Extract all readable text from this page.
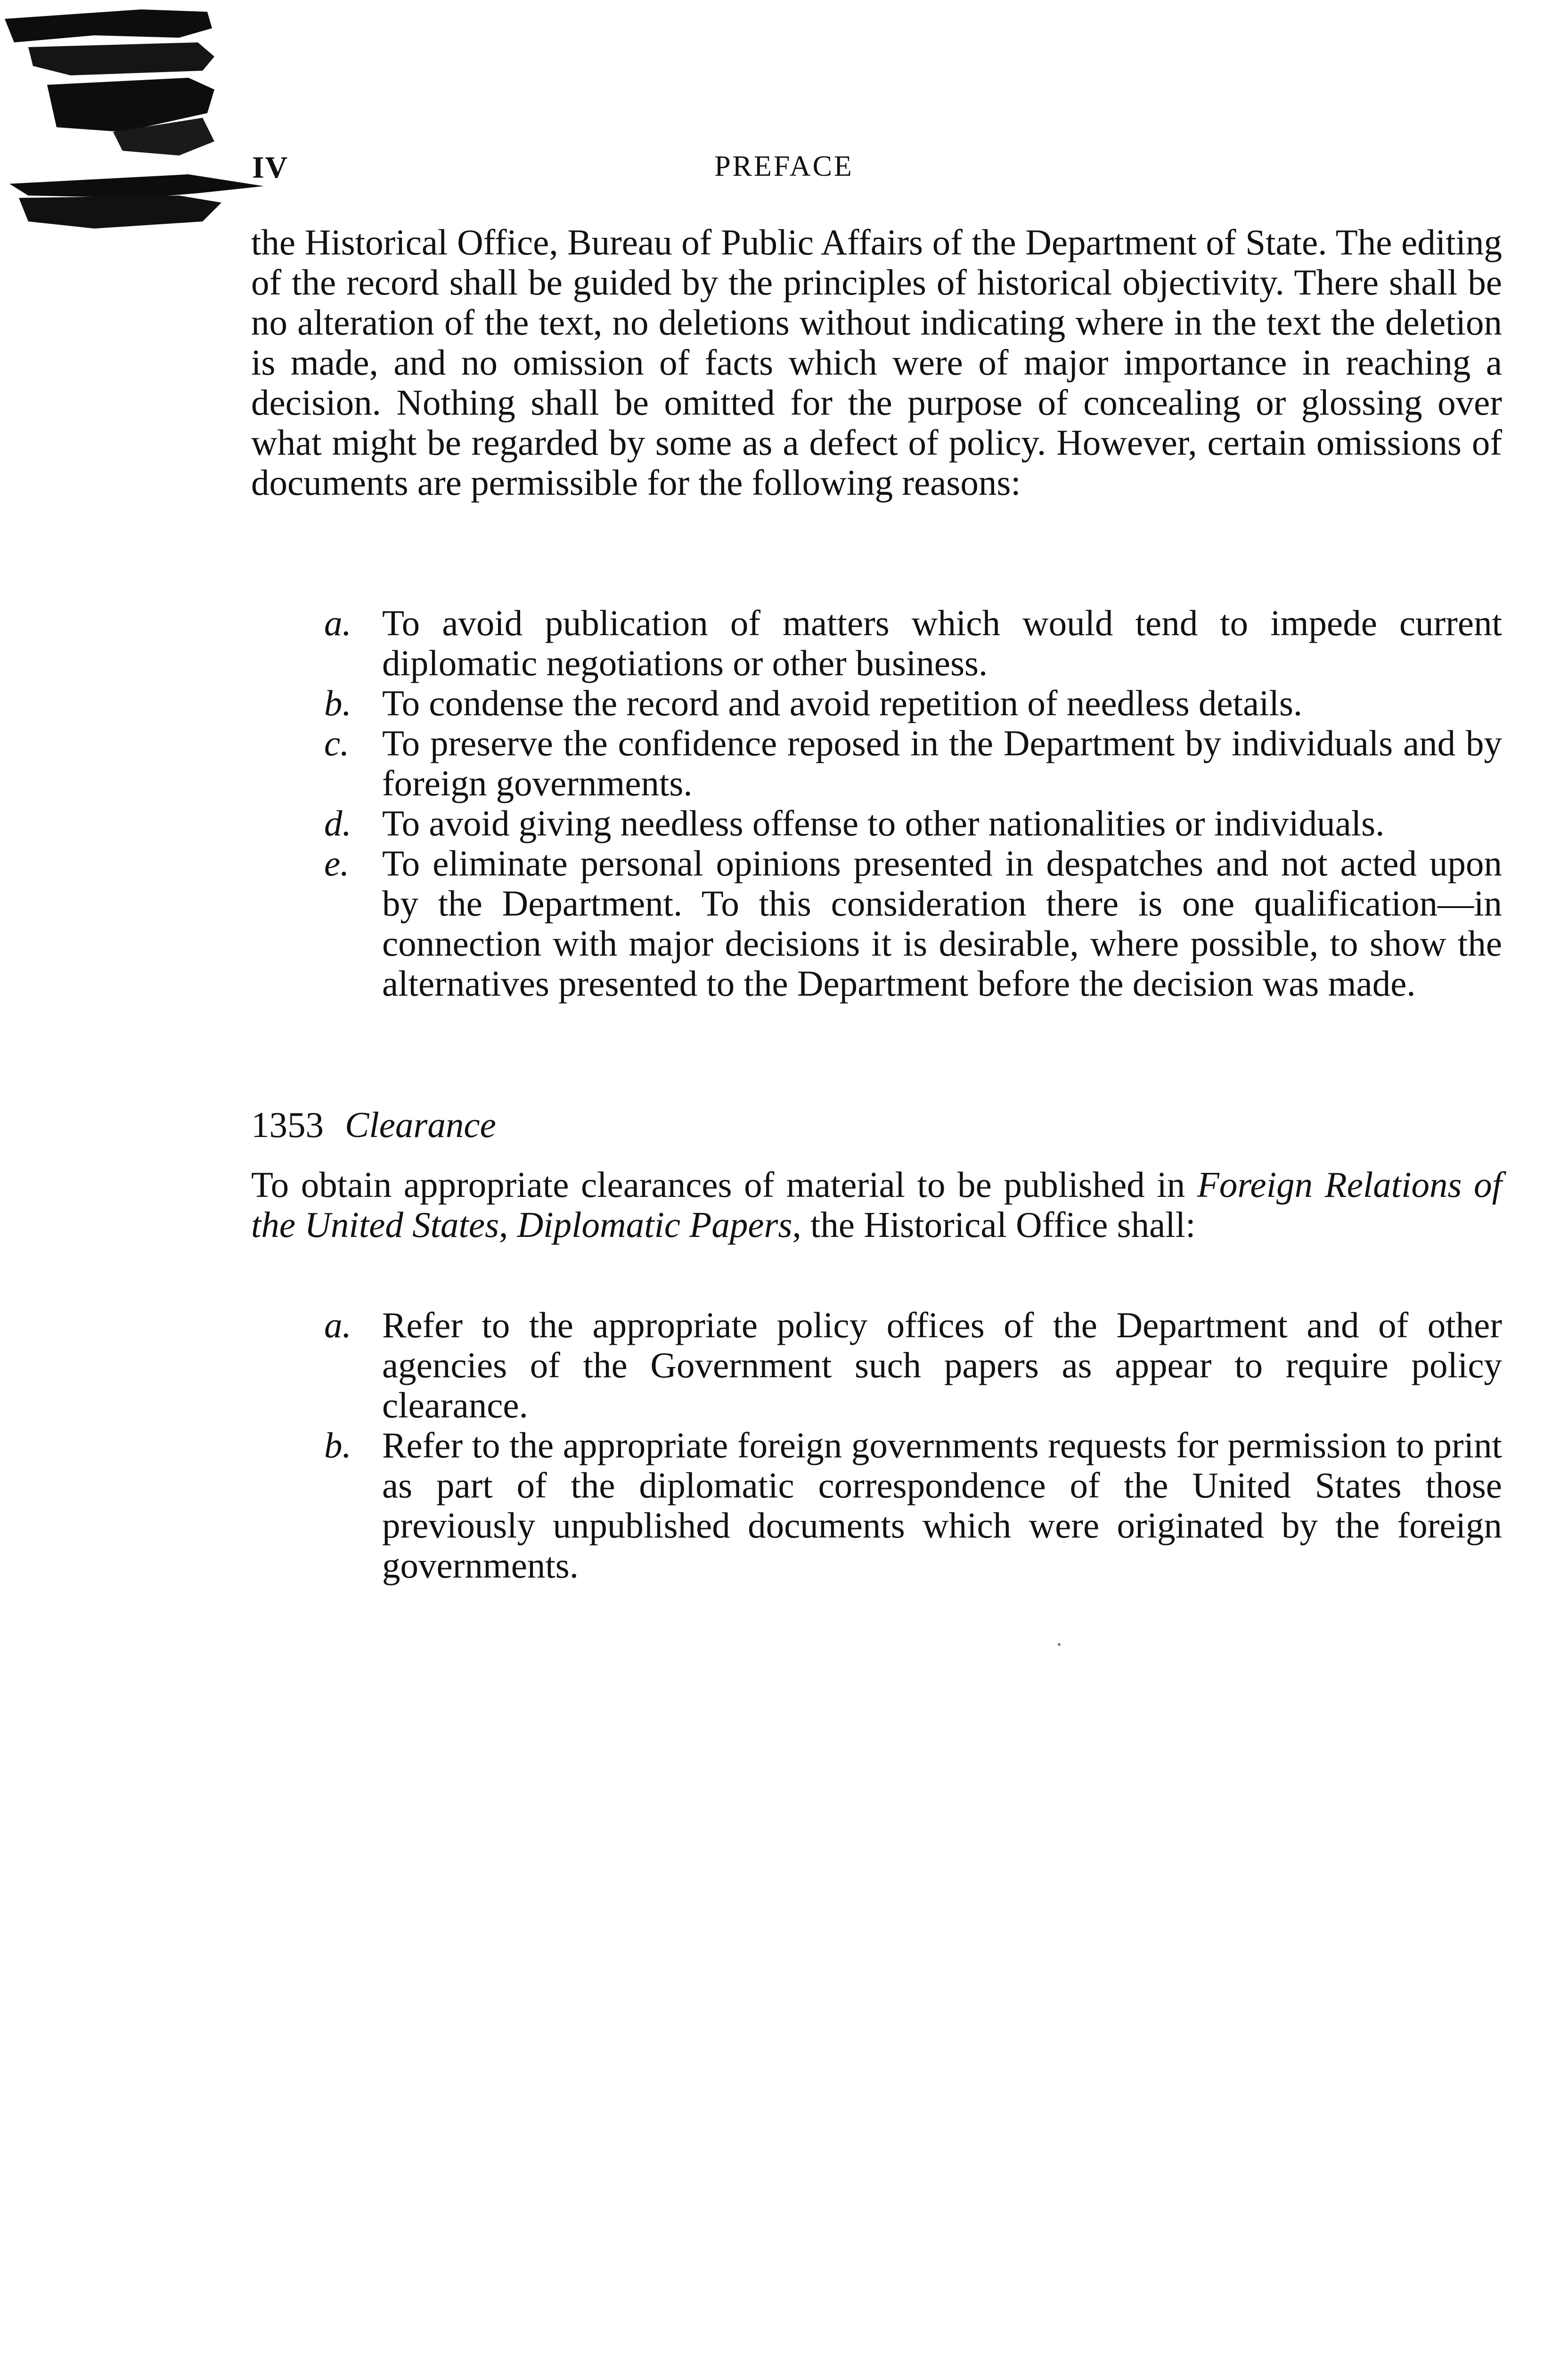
IV	PREFACE
the Historical Office, Bureau of Public Affairs of the Department of State. The editing of the record shall be guided by the principles of historical objectivity. There shall be no alteration of the text, no deletions without indicating where in the text the deletion is made, and no omission of facts which were of major importance in reaching a decision. Nothing shall be omitted for the purpose of concealing or glossing over what might be regarded by some as a defect of policy. However, certain omissions of documents are permissible for the following reasons:
a. To avoid publication of matters which would tend to impede current diplomatic negotiations or other business.
b. To condense the record and avoid repetition of needless details.
c. To preserve the confidence reposed in the Department by individuals and by foreign governments.
d. To avoid giving needless offense to other nationalities or individuals.
e. To eliminate personal opinions presented in despatches and not acted upon by the Department. To this consideration there is one qualification—in connection with major decisions it is desirable, where possible, to show the alternatives presented to the Department before the decision was made.
1353 Clearance
To obtain appropriate clearances of material to be published in Foreign Relations of the United States, Diplomatic Papers, the Historical Office shall:
a. Refer to the appropriate policy offices of the Department and of other agencies of the Government such papers as appear to require policy clearance.
b. Refer to the appropriate foreign governments requests for permission to print as part of the diplomatic correspondence of the United States those previously unpublished documents which were originated by the foreign governments.
